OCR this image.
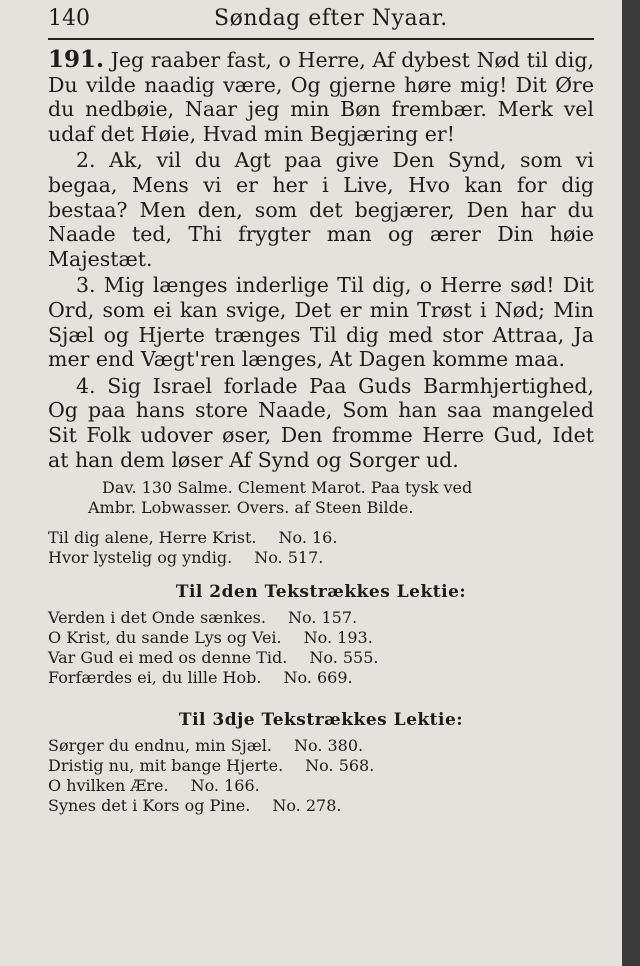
140	Søndag efter Nyaar.

191. Jeg raaber fast, o Herre, Af dybest Nød til dig, Du vilde naadig være, Og gjerne høre mig! Dit Øre du nedbøie, Naar jeg min Bøn frembær. Merk vel udaf det Høie, Hvad min Begjæring er!

2. Ak, vil du Agt paa give Den Synd, som vi begaa, Mens vi er her i Live, Hvo kan for dig bestaa? Men den, som det begjærer, Den har du Naade ted, Thi frygter man og ærer Din høie Majestæt.

3. Mig længes inderlige Til dig, o Herre sød! Dit Ord, som ei kan svige, Det er min Trøst i Nød; Min Sjæl og Hjerte trænges Til dig med stor Attraa, Ja mer end Vægt'ren længes, At Dagen komme maa.

4. Sig Israel forlade Paa Guds Barmhjertighed, Og paa hans store Naade, Som han saa mangeled Sit Folk udover øser, Den fromme Herre Gud, Idet at han dem løser Af Synd og Sorger ud.

Dav. 130 Salme. Clement Marot. Paa tysk ved
Ambr. Lobwasser. Overs. af Steen Bilde.
Til dig alene, Herre Krist. No. 16.
Hvor lystelig og yndig. No. 517.
Til 2den Tekstrækkes Lektie:
Verden i det Onde sænkes. No. 157.
O Krist, du sande Lys og Vei. No. 193.
Var Gud ei med os denne Tid. No. 555.
Forfærdes ei, du lille Hob. No. 669.
Til 3dje Tekstrækkes Lektie:
Sørger du endnu, min Sjæl. No. 380.
Dristig nu, mit bange Hjerte. No. 568.
O hvilken Ære. No. 166.
Synes det i Kors og Pine. No. 278.
